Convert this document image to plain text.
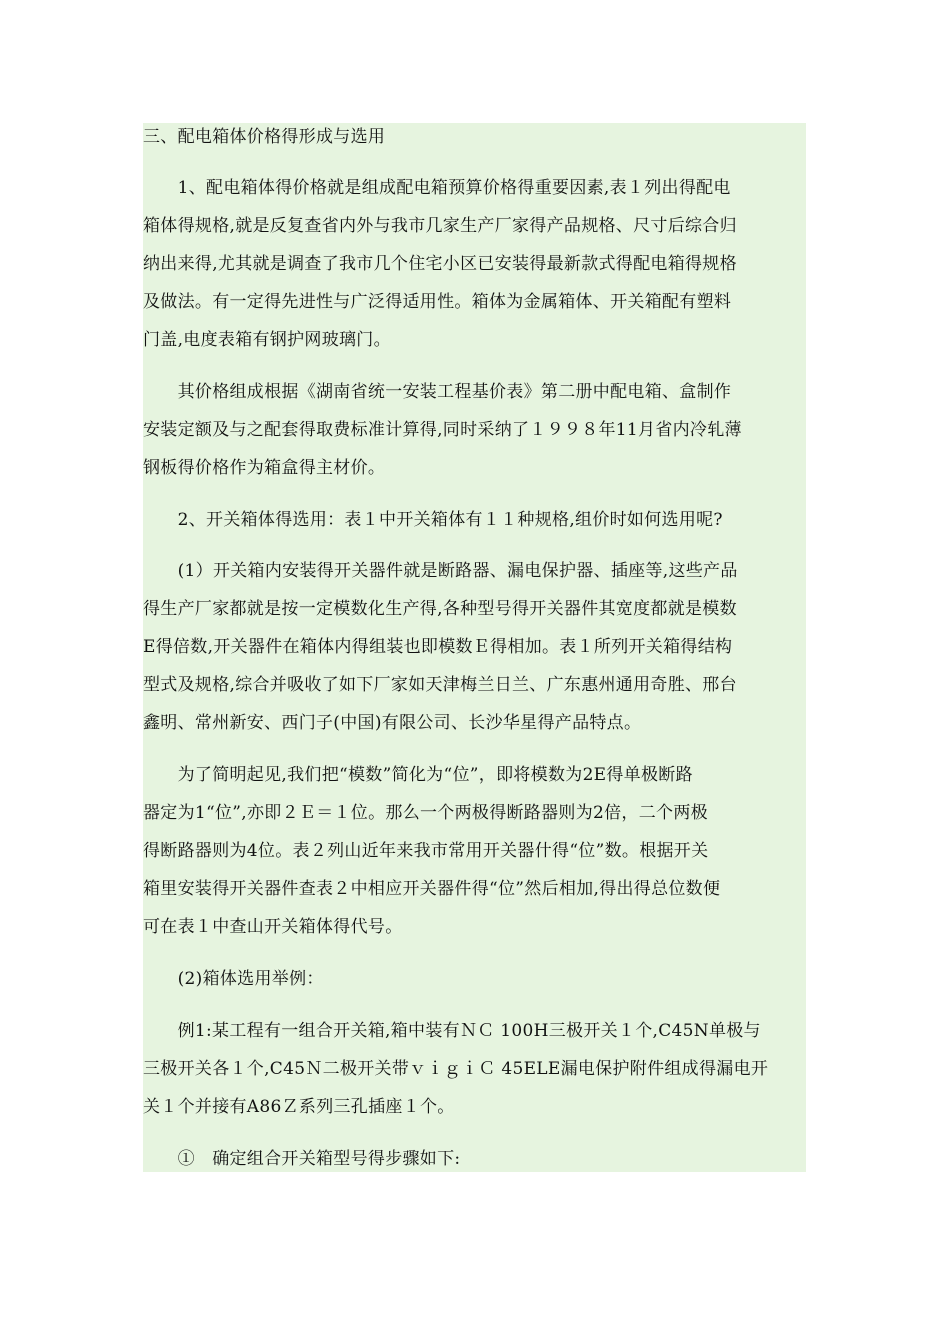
三、配电箱体价格得形成与选用

　　1、配电箱体得价格就是组成配电箱预算价格得重要因素,表１列出得配电

箱体得规格,就是反复查省内外与我市几家生产厂家得产品规格、尺寸后综合归

纳出来得,尤其就是调查了我市几个住宅小区已安装得最新款式得配电箱得规格

及做法。有一定得先进性与广泛得适用性。箱体为金属箱体、开关箱配有塑料

门盖,电度表箱有钢护网玻璃门。

　　其价格组成根据《湖南省统一安装工程基价表》第二册中配电箱、盒制作

安装定额及与之配套得取费标准计算得,同时采纳了１９９８年11月省内冷轧薄

钢板得价格作为箱盒得主材价。

　　2、开关箱体得选用：表１中开关箱体有１１种规格,组价时如何选用呢?

　　(1）开关箱内安装得开关器件就是断路器、漏电保护器、插座等,这些产品

得生产厂家都就是按一定模数化生产得,各种型号得开关器件其宽度都就是模数

E得倍数,开关器件在箱体内得组装也即模数Ｅ得相加。表１所列开关箱得结构

型式及规格,综合并吸收了如下厂家如天津梅兰日兰、广东惠州通用奇胜、邢台

鑫明、常州新安、西门子(中国)有限公司、长沙华星得产品特点。

　　为了简明起见,我们把“模数”简化为“位”，即将模数为2E得单极断路

器定为1“位”,亦即２Ｅ＝１位。那么一个两极得断路器则为2倍，二个两极

得断路器则为4位。表２列山近年来我市常用开关器什得“位”数。根据开关

箱里安装得开关器件查表２中相应开关器件得“位”然后相加,得出得总位数便

可在表１中查山开关箱体得代号。

　　(2)箱体选用举例：

　　例1:某工程有一组合开关箱,箱中装有ＮＣ 100H三极开关１个,C45N单极与

三极开关各１个,C45Ｎ二极开关带ｖｉｇｉＣ 45ELE漏电保护附件组成得漏电开

关１个并接有A86Ｚ系列三孔插座１个。

　　①　确定组合开关箱型号得步骤如下:
